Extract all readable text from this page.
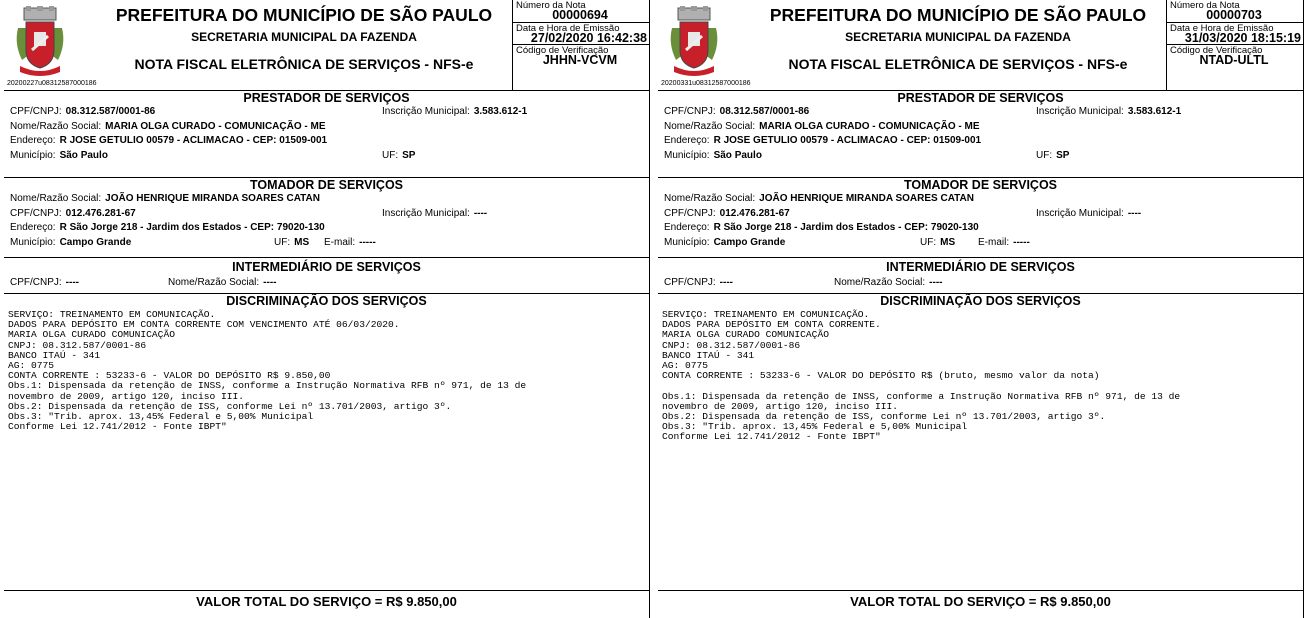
20200227u08312587000186
PREFEITURA DO MUNICÍPIO DE SÃO PAULO
SECRETARIA MUNICIPAL DA FAZENDA
NOTA FISCAL ELETRÔNICA DE SERVIÇOS - NFS-e
Número da Nota
00000694
Data e Hora de Emissão
27/02/2020 16:42:38
Código de Verificação
JHHN-VCVM
PRESTADOR DE SERVIÇOS
CPF/CNPJ: 08.312.587/0001-86	Inscrição Municipal: 3.583.612-1
Nome/Razão Social: MARIA OLGA CURADO - COMUNICAÇÃO - ME
Endereço: R JOSE GETULIO 00579 - ACLIMACAO - CEP: 01509-001
Município: São Paulo	UF: SP
TOMADOR DE SERVIÇOS
Nome/Razão Social: JOÃO HENRIQUE MIRANDA SOARES CATAN
CPF/CNPJ: 012.476.281-67	Inscrição Municipal: ----
Endereço: R São Jorge 218 - Jardim dos Estados - CEP: 79020-130
Município: Campo Grande	UF: MS E-mail: -----
INTERMEDIÁRIO DE SERVIÇOS
CPF/CNPJ: ----	Nome/Razão Social: ----
DISCRIMINAÇÃO DOS SERVIÇOS
SERVIÇO: TREINAMENTO EM COMUNICAÇÃO.
DADOS PARA DEPÓSITO EM CONTA CORRENTE COM VENCIMENTO ATÉ 06/03/2020.
MARIA OLGA CURADO COMUNICAÇÃO
CNPJ: 08.312.587/0001-86
BANCO ITAÚ - 341
AG: 0775
CONTA CORRENTE : 53233-6 - VALOR DO DEPÓSITO R$ 9.850,00
Obs.1: Dispensada da retenção de INSS, conforme a Instrução Normativa RFB nº 971, de 13 de
novembro de 2009, artigo 120, inciso III.
Obs.2: Dispensada da retenção de ISS, conforme Lei nº 13.701/2003, artigo 3º.
Obs.3: "Trib. aprox. 13,45% Federal e 5,00% Municipal
Conforme Lei 12.741/2012 - Fonte IBPT"
VALOR TOTAL DO SERVIÇO = R$ 9.850,00
20200331u08312587000186
PREFEITURA DO MUNICÍPIO DE SÃO PAULO
SECRETARIA MUNICIPAL DA FAZENDA
NOTA FISCAL ELETRÔNICA DE SERVIÇOS - NFS-e
Número da Nota
00000703
Data e Hora de Emissão
31/03/2020 18:15:19
Código de Verificação
NTAD-ULTL
PRESTADOR DE SERVIÇOS
CPF/CNPJ: 08.312.587/0001-86	Inscrição Municipal: 3.583.612-1
Nome/Razão Social: MARIA OLGA CURADO - COMUNICAÇÃO - ME
Endereço: R JOSE GETULIO 00579 - ACLIMACAO - CEP: 01509-001
Município: São Paulo	UF: SP
TOMADOR DE SERVIÇOS
Nome/Razão Social: JOÃO HENRIQUE MIRANDA SOARES CATAN
CPF/CNPJ: 012.476.281-67	Inscrição Municipal: ----
Endereço: R São Jorge 218 - Jardim dos Estados - CEP: 79020-130
Município: Campo Grande	UF: MS E-mail: -----
INTERMEDIÁRIO DE SERVIÇOS
CPF/CNPJ: ----	Nome/Razão Social: ----
DISCRIMINAÇÃO DOS SERVIÇOS
SERVIÇO: TREINAMENTO EM COMUNICAÇÃO.
DADOS PARA DEPÓSITO EM CONTA CORRENTE.
MARIA OLGA CURADO COMUNICAÇÃO
CNPJ: 08.312.587/0001-86
BANCO ITAÚ - 341
AG: 0775
CONTA CORRENTE : 53233-6 - VALOR DO DEPÓSITO R$ (bruto, mesmo valor da nota)

Obs.1: Dispensada da retenção de INSS, conforme a Instrução Normativa RFB nº 971, de 13 de
novembro de 2009, artigo 120, inciso III.
Obs.2: Dispensada da retenção de ISS, conforme Lei nº 13.701/2003, artigo 3º.
Obs.3: "Trib. aprox. 13,45% Federal e 5,00% Municipal
Conforme Lei 12.741/2012 - Fonte IBPT"
VALOR TOTAL DO SERVIÇO = R$ 9.850,00
